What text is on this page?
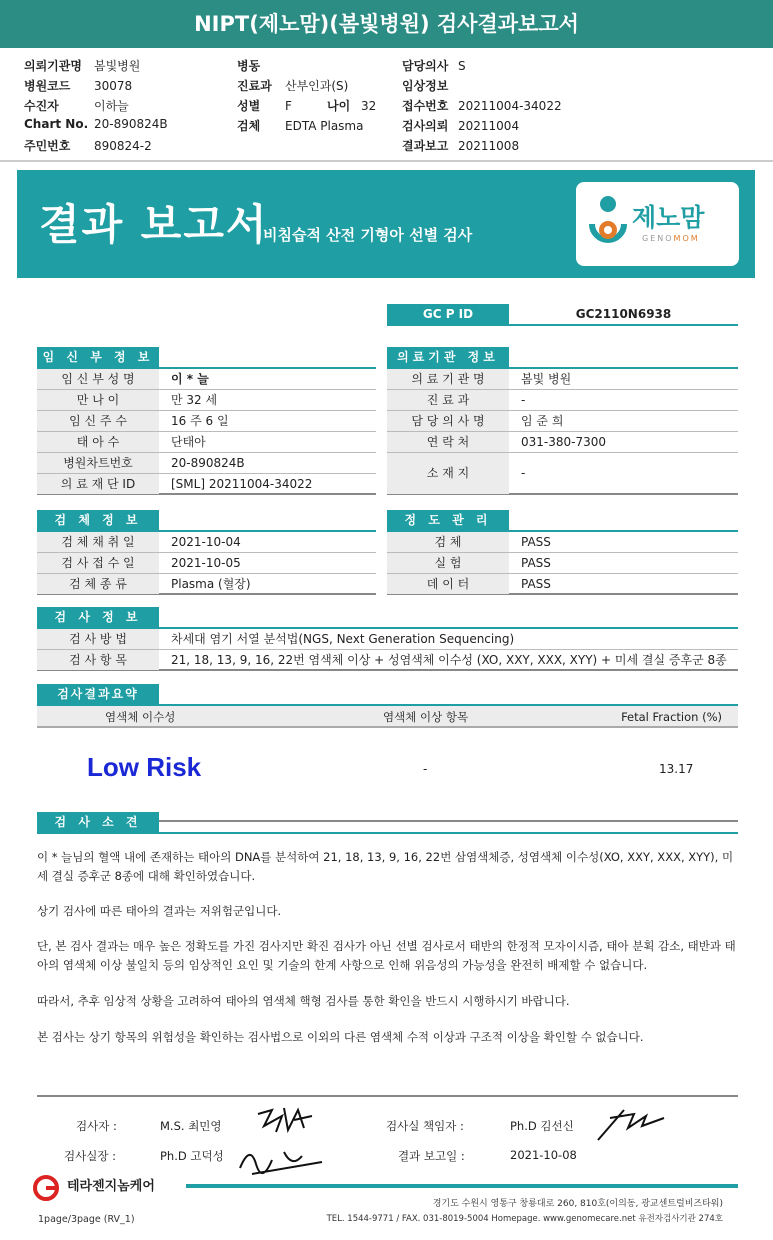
NIPT(제노맘)(봄빛병원) 검사결과보고서
의뢰기관명 봄빛병원
병원코드 30078
수진자	이하늘
Chart No. 20-890824B
주민번호 890824-2
병동
진료과 산부인과(S)
성별 F	나이 32
검체 EDTA Plasma
담당의사 S
임상정보
접수번호 20211004-34022
검사의뢰 20211004
결과보고 20211008
결과 보고서
비침습적 산전 기형아 선별 검사
제노맘
GENOMOM
GC P ID	GC2110N6938
임 신 부 정 보
임 신 부 성 명	이 * 늘
만 나 이	만 32 세
임 신 주 수	16 주 6 일
태 아 수	단태아
병원차트번호	20-890824B
의 료 재 단 ID	[SML] 20211004-34022
의료기관 정보
의 료 기 관 명	봄빛 병원
진 료 과	-
담 당 의 사 명	임 준 희
연 락 처	031-380-7300
소 재 지	-
검 체 정 보
검 체 채 취 일	2021-10-04
검 사 접 수 일	2021-10-05
검 체 종 류	Plasma (혈장)
정 도 관 리
검 체	PASS
실 험	PASS
데 이 터	PASS
검 사 정 보
검 사 방 법	차세대 염기 서열 분석법(NGS, Next Generation Sequencing)
검 사 항 목	21, 18, 13, 9, 16, 22번 염색체 이상 + 성염색체 이수성 (XO, XXY, XXX, XYY) + 미세 결실 증후군 8종
검사결과요약
염색체 이수성	염색체 이상 항목	Fetal Fraction (%)
Low Risk	-	13.17
검 사 소 견
이 * 늘님의 혈액 내에 존재하는 태아의 DNA를 분석하여 21, 18, 13, 9, 16, 22번 삼염색체증, 성염색체 이수성(XO, XXY, XXX, XYY), 미세 결실 증후군 8종에 대해 확인하였습니다.
상기 검사에 따른 태아의 결과는 저위험군입니다.
단, 본 검사 결과는 매우 높은 정확도를 가진 검사지만 확진 검사가 아닌 선별 검사로서 태반의 한정적 모자이시즘, 태아 분획 감소, 태반과 태아의 염색체 이상 불일치 등의 임상적인 요인 및 기술의 한계 사항으로 인해 위음성의 가능성을 완전히 배제할 수 없습니다.
따라서, 추후 임상적 상황을 고려하여 태아의 염색체 핵형 검사를 통한 확인을 반드시 시행하시기 바랍니다.
본 검사는 상기 항목의 위험성을 확인하는 검사법으로 이외의 다른 염색체 수적 이상과 구조적 이상을 확인할 수 없습니다.
검사자 :	M.S. 최민영	검사실 책임자 :	Ph.D 김선신
검사실장 :	Ph.D 고덕성	결과 보고일 :	2021-10-08
테라젠지놈케어
경기도 수원시 영통구 창룡대로 260, 810호(이의동, 광교센트럴비즈타워)
TEL. 1544-9771 / FAX. 031-8019-5004 Homepage. www.genomecare.net 유전자검사기관 274호
1page/3page (RV_1)
